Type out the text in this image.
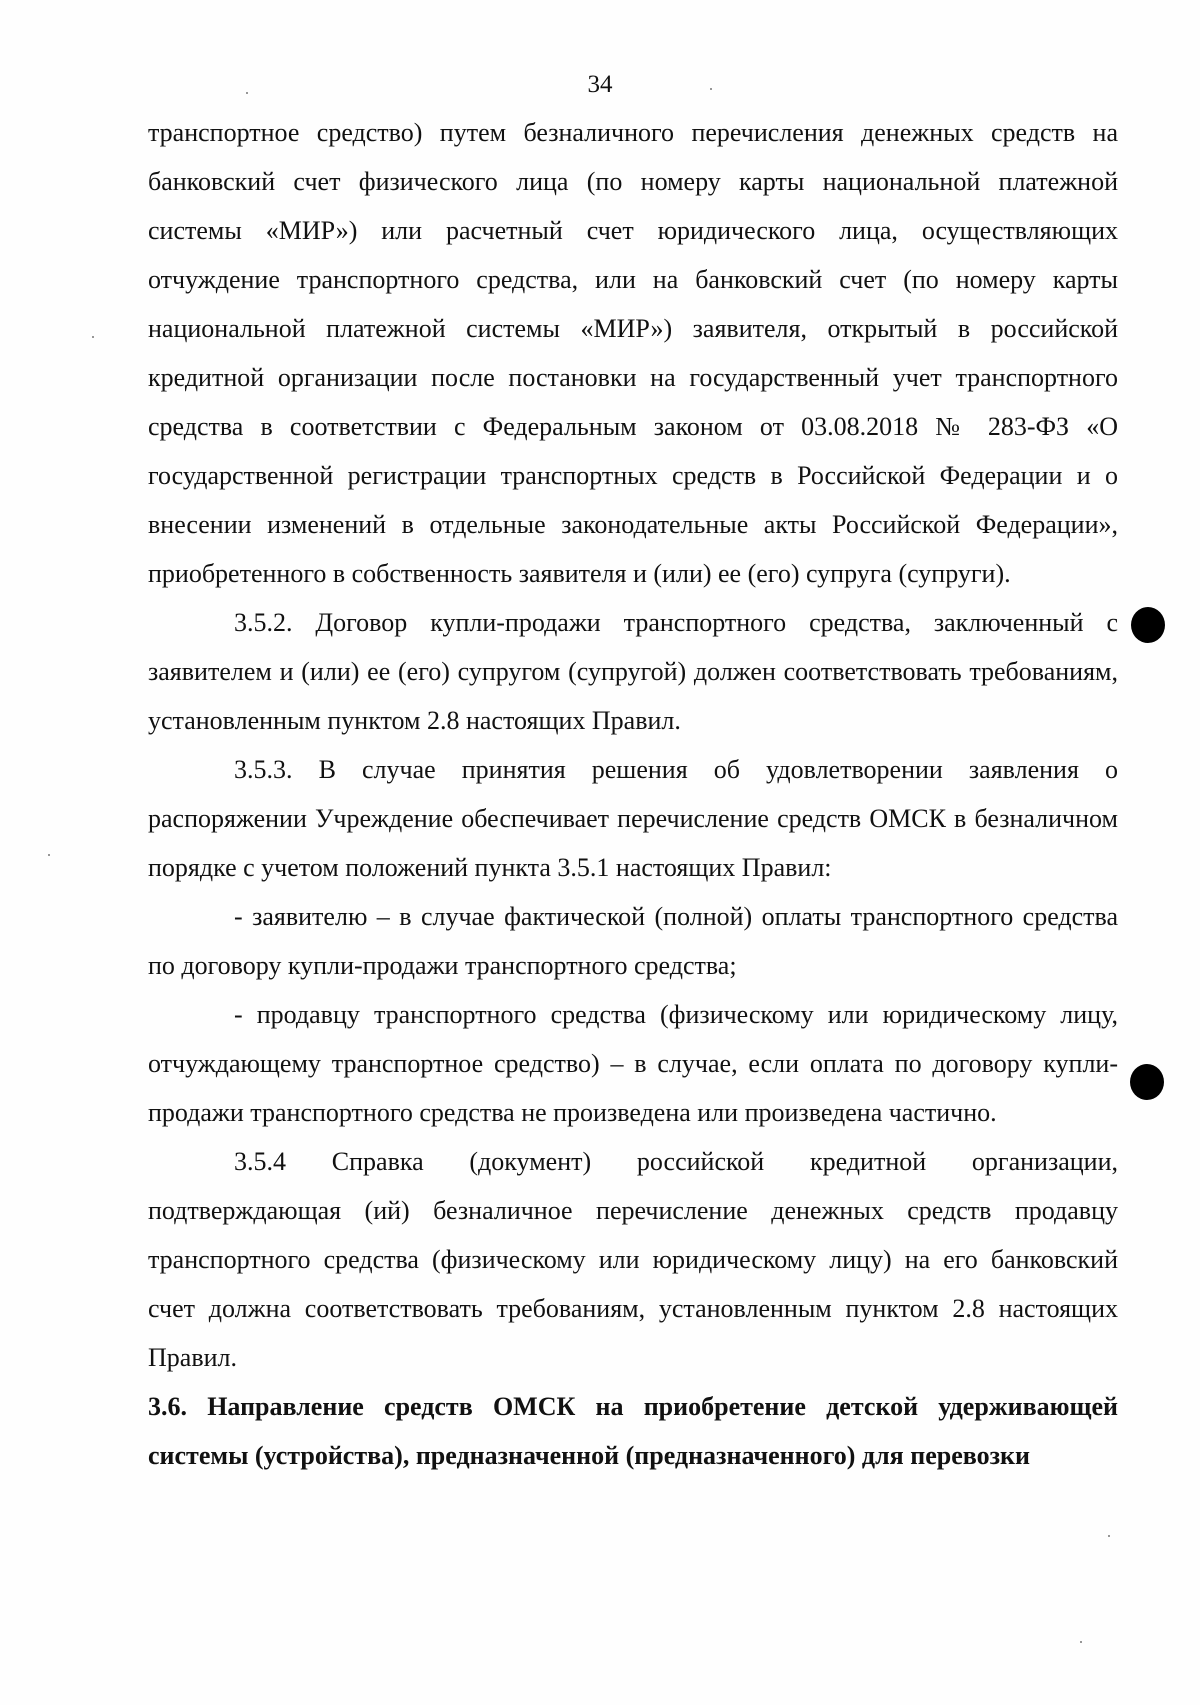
34

транспортное средство) путем безналичного перечисления денежных средств на банковский счет физического лица (по номеру карты национальной платежной системы «МИР») или расчетный счет юридического лица, осуществляющих отчуждение транспортного средства, или на банковский счет (по номеру карты национальной платежной системы «МИР») заявителя, открытый в российской кредитной организации после постановки на государственный учет транспортного средства в соответствии с Федеральным законом от 03.08.2018 № 283-ФЗ «О государственной регистрации транспортных средств в Российской Федерации и о внесении изменений в отдельные законодательные акты Российской Федерации», приобретенного в собственность заявителя и (или) ее (его) супруга (супруги).

3.5.2. Договор купли-продажи транспортного средства, заключенный с заявителем и (или) ее (его) супругом (супругой) должен соответствовать требованиям, установленным пунктом 2.8 настоящих Правил.

3.5.3. В случае принятия решения об удовлетворении заявления о распоряжении Учреждение обеспечивает перечисление средств ОМСК в безналичном порядке с учетом положений пункта 3.5.1 настоящих Правил:

- заявителю – в случае фактической (полной) оплаты транспортного средства по договору купли-продажи транспортного средства;

- продавцу транспортного средства (физическому или юридическому лицу, отчуждающему транспортное средство) – в случае, если оплата по договору купли-продажи транспортного средства не произведена или произведена частично.

3.5.4 Справка (документ) российской кредитной организации, подтверждающая (ий) безналичное перечисление денежных средств продавцу транспортного средства (физическому или юридическому лицу) на его банковский счет должна соответствовать требованиям, установленным пунктом 2.8 настоящих Правил.

3.6. Направление средств ОМСК на приобретение детской удерживающей системы (устройства), предназначенной (предназначенного) для перевозки
